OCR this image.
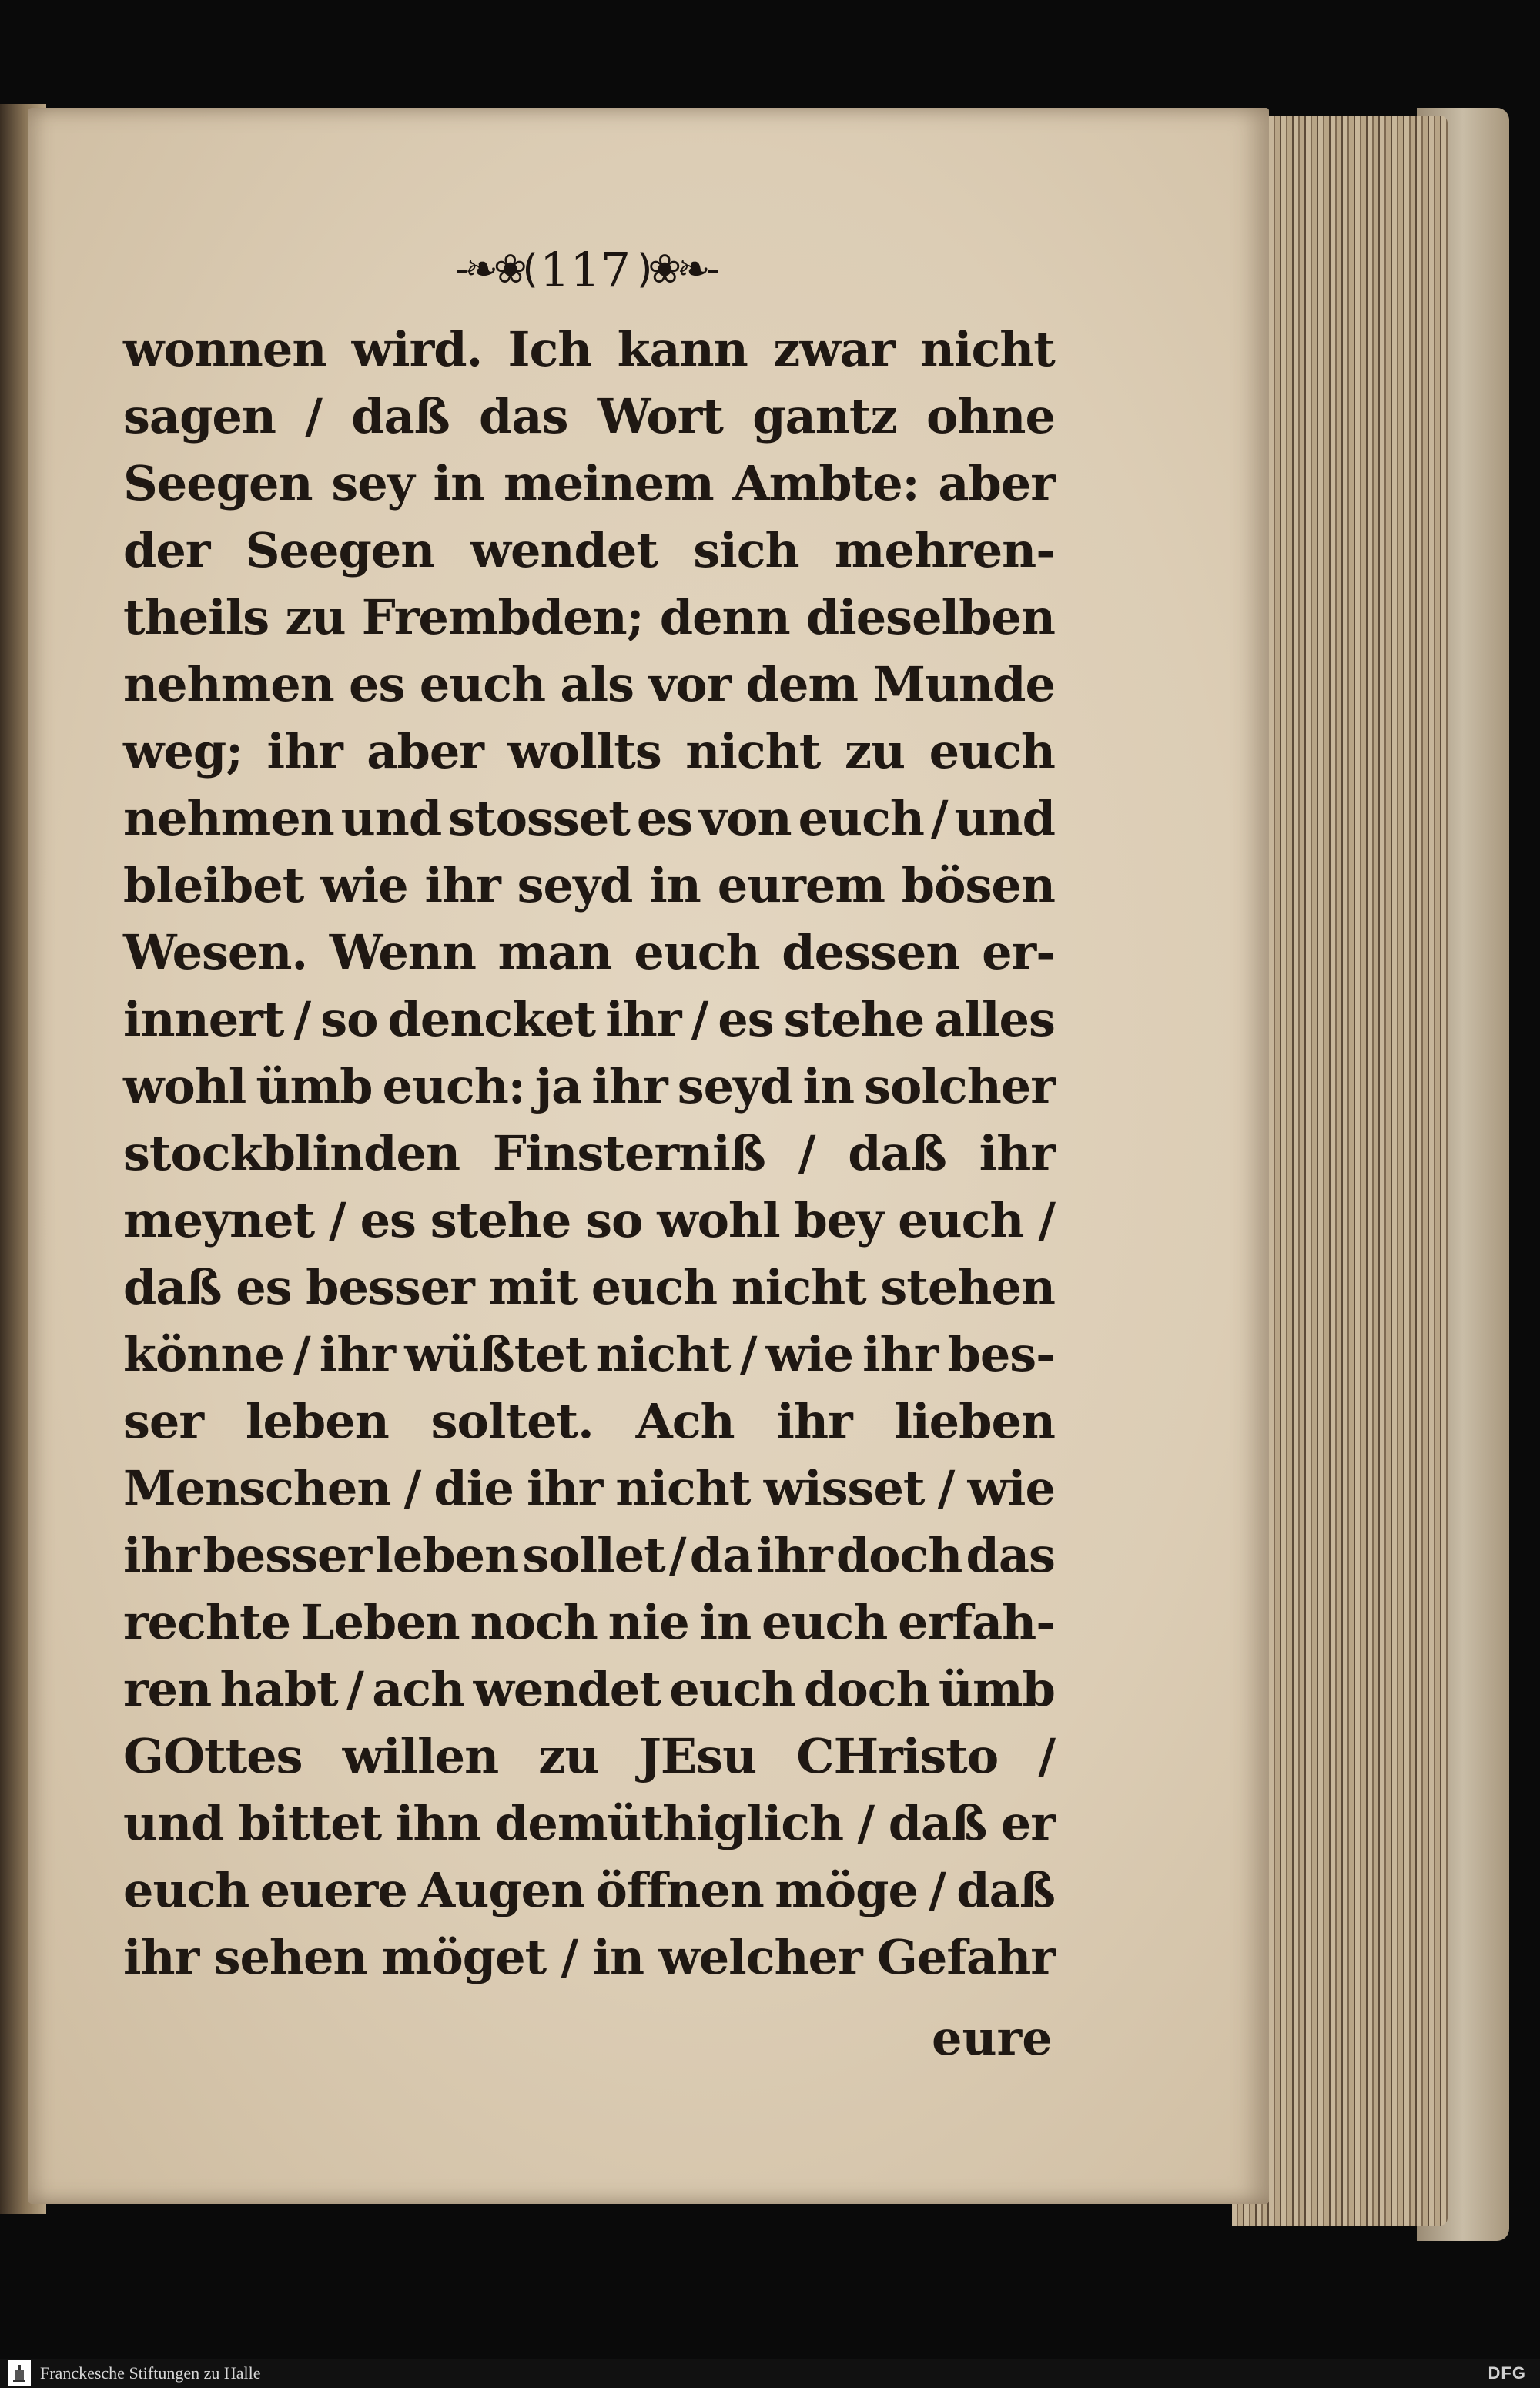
-❧❀( 117 )❀❧-
wonnen wird. Ich kann zwar nicht
sagen / daß das Wort gantz ohne
Seegen sey in meinem Ambte: aber
der Seegen wendet sich mehren-
theils zu Frembden; denn dieselben
nehmen es euch als vor dem Munde
weg; ihr aber wollts nicht zu euch
nehmen und stosset es von euch / und
bleibet wie ihr seyd in eurem bösen
Wesen. Wenn man euch dessen er-
innert / so dencket ihr / es stehe alles
wohl ümb euch: ja ihr seyd in solcher
stockblinden Finsterniß / daß ihr
meynet / es stehe so wohl bey euch /
daß es besser mit euch nicht stehen
könne / ihr wüßtet nicht / wie ihr bes-
ser leben soltet. Ach ihr lieben
Menschen / die ihr nicht wisset / wie
ihr besser leben sollet / da ihr doch das
rechte Leben noch nie in euch erfah-
ren habt / ach wendet euch doch ümb
GOttes willen zu JEsu CHristo /
und bittet ihn demüthiglich / daß er
euch euere Augen öffnen möge / daß
ihr sehen möget / in welcher Gefahr
eure
Franckesche Stiftungen zu Halle	DFG
